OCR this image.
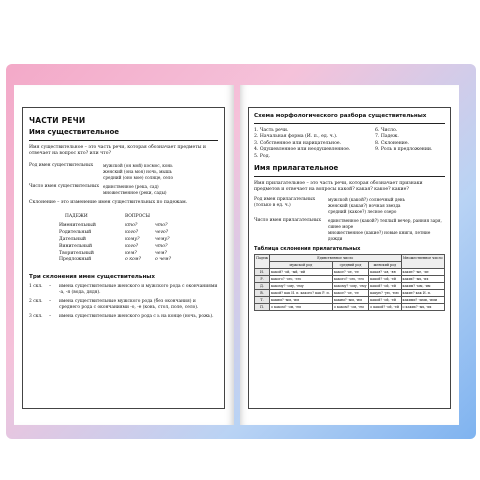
ЧАСТИ РЕЧИ
Имя существительное
Имя существительное – это часть речи, которая обозначает предметы и отвечает на вопрос кто? или что?
Род имен существительных	мужской (он мой) космос, конь
женский (она моя) ночь, мышь
средний (оно мое) солнце, село
Число имен существительных единственное (река, сад)
множественное (реки, сады)
Склонение – это изменение имен существительных по падежам.
ПАДЕЖИ	ВОПРОСЫ
Именительный	кто?	что?
Родительный	кого?	чего?
Дательный	кому?	чему?
Винительный	кого?	что?
Творительный	кем?	чем?
Предложный	о ком?	о чем?
Три склонения имен существительных
1 скл.	–	имена существительные женского и мужского рода с окончаниями -а, -я (вода, дядя).
2 скл.	–	имена существительные мужского рода (без окончания) и среднего рода с окончаниями -о, -е (конь, стол, поле, село).
3 скл.	–	имена существительные женского рода с ь на конце (ночь, рожь).
Схема морфологического разбора существительных
1. Часть речи.
2. Начальная форма (И. п., ед. ч.).
3. Собственное или нарицательное.
4. Одушевленное или неодушевленное.
5. Род.
6. Число.
7. Падеж.
8. Склонение.
9. Роль в предложении.
Имя прилагательное
Имя прилагательное – это часть речи, которая обозначает признаки предметов и отвечает на вопросы какой? какая? какое? какие?
Род имен прилагательных (только в ед. ч.)
мужской (какой?) солнечный день
женский (какая?) ночная звезда
средний (какое?) лесное озеро
Число имен прилагательных	единственное (какой?) теплый вечер, ранняя заря, синее море
множественное (какие?) новые книги, летние дожди
Таблица склонения прилагательных
Падеж	Единственное число			Множественное число
	мужской род	средний род	женский род	
И.	какой? -ой, -ый, -ий	какое? -ое, -ее	какая? -ая, -яя	какие? -ые, -ие
Р.	какого? -ого, -его	какого? -ого, -его	какой? -ой, -ей	каких? -ых, -их
Д.	какому? -ому, -ему	какому? -ому, -ему	какой? -ой, -ей	каким? -ым, -им
В.	какой? как И. п. какого? как Р. п.	какое? -ое, -ее	какую? -ую, -юю	какие? как И. п.
Т.	каким? -ым, -им	каким? -ым, -им	какой? -ой, -ей	какими? -ыми, -ими
П.	о каком? -ом, -ем	о каком? -ом, -ем	о какой? -ой, -ей	о каких? -ых, -их
